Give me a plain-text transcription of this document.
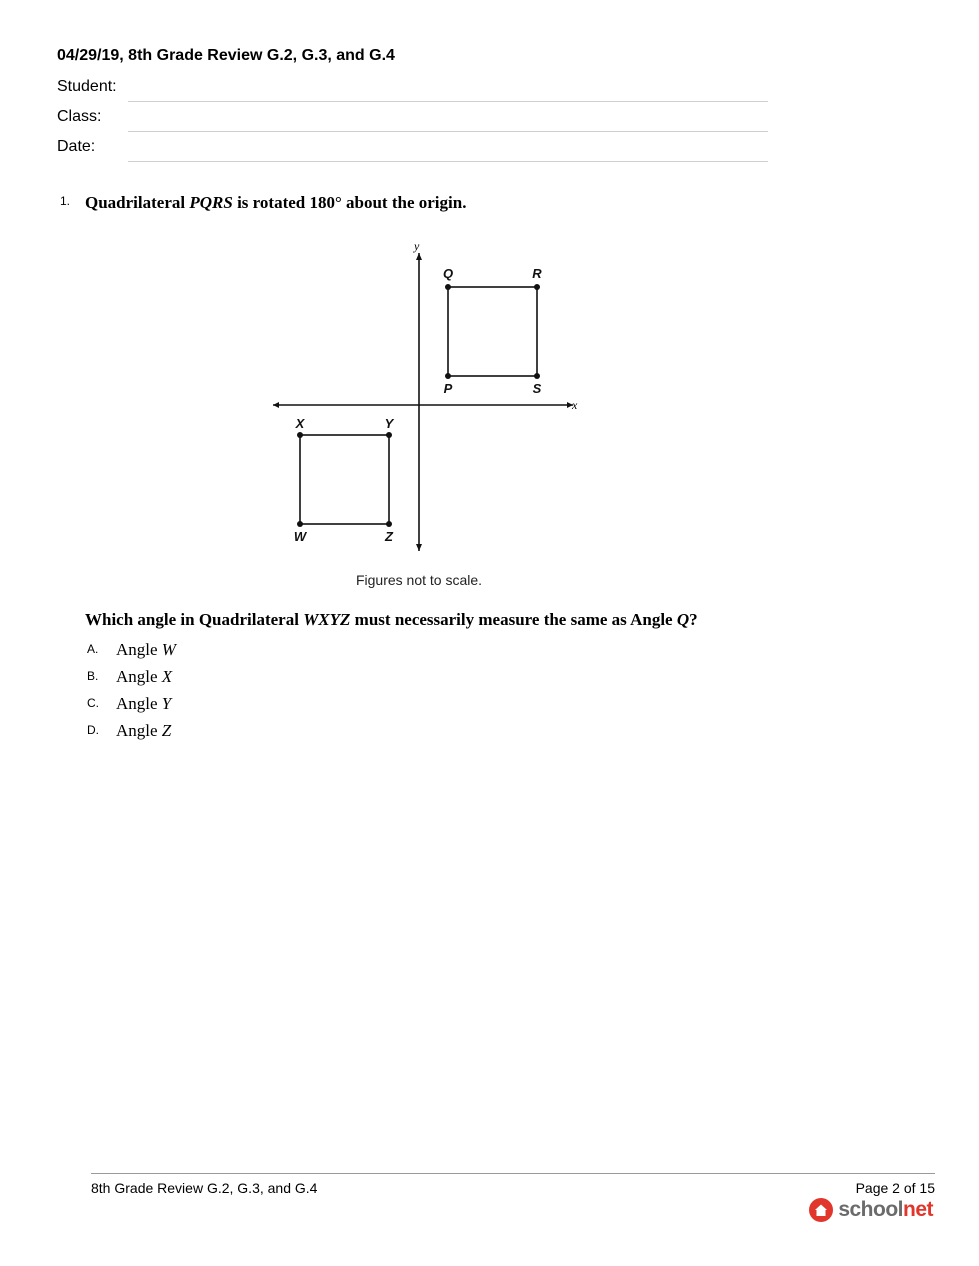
04/29/19, 8th Grade Review G.2, G.3, and G.4
Student:
Class:
Date:
1. Quadrilateral PQRS is rotated 180° about the origin.
x
y
Q	R
P	S
X	Y
W	Z
Figures not to scale.
Which angle in Quadrilateral WXYZ must necessarily measure the same as Angle Q?
A. Angle W
B. Angle X
C. Angle Y
D. Angle Z
8th Grade Review G.2, G.3, and G.4	Page 2 of 15
schoolnet
